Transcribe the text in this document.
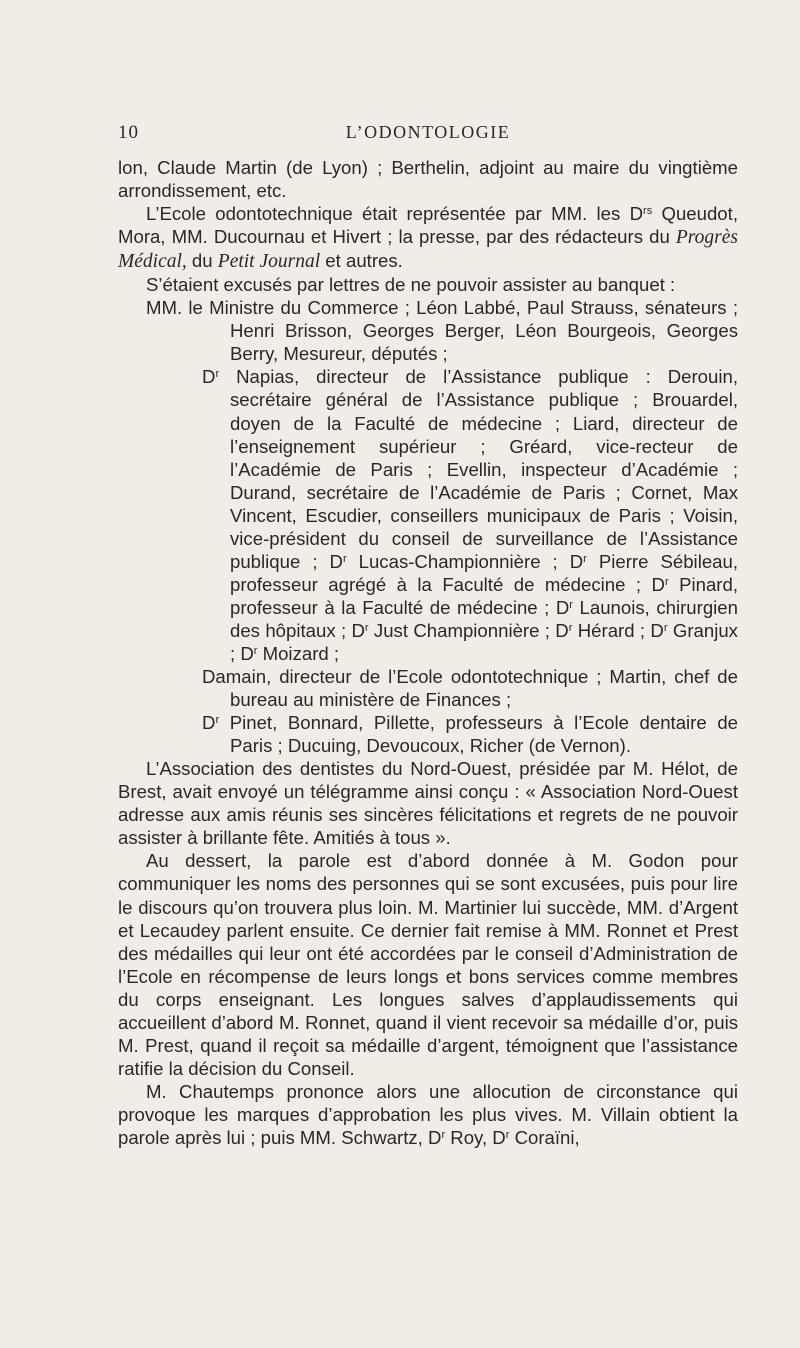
10	L’ODONTOLOGIE

lon, Claude Martin (de Lyon) ; Berthelin, adjoint au maire du vingtième arrondissement, etc.

L’Ecole odontotechnique était représentée par MM. les $D^{rs}$ Queudot, Mora, MM. Ducournau et Hivert ; la presse, par des rédacteurs du Progrès Médical, du Petit Journal et autres.

S’étaient excusés par lettres de ne pouvoir assister au banquet :

MM. le Ministre du Commerce ; Léon Labbé, Paul Strauss, sénateurs ; Henri Brisson, Georges Berger, Léon Bourgeois, Georges Berry, Mesureur, députés ;

$D^r$ Napias, directeur de l’Assistance publique : Derouin, secrétaire général de l’Assistance publique ; Brouardel, doyen de la Faculté de médecine ; Liard, directeur de l’enseignement supérieur ; Gréard, vice-recteur de l’Académie de Paris ; Evellin, inspecteur d’Académie ; Durand, secrétaire de l’Académie de Paris ; Cornet, Max Vincent, Escudier, conseillers municipaux de Paris ; Voisin, vice-président du conseil de surveillance de l’Assistance publique ; $D^r$ Lucas-Championnière ; $D^r$ Pierre Sébileau, professeur agrégé à la Faculté de médecine ; $D^r$ Pinard, professeur à la Faculté de médecine ; $D^r$ Launois, chirurgien des hôpitaux ; $D^r$ Just Championnière ; $D^r$ Hérard ; $D^r$ Granjux ; $D^r$ Moizard ;

Damain, directeur de l’Ecole odontotechnique ; Martin, chef de bureau au ministère de Finances ;

$D^r$ Pinet, Bonnard, Pillette, professeurs à l’Ecole dentaire de Paris ; Ducuing, Devoucoux, Richer (de Vernon).

L’Association des dentistes du Nord-Ouest, présidée par M. Hélot, de Brest, avait envoyé un télégramme ainsi conçu : « Association Nord-Ouest adresse aux amis réunis ses sincères félicitations et regrets de ne pouvoir assister à brillante fête. Amitiés à tous ».

Au dessert, la parole est d’abord donnée à M. Godon pour communiquer les noms des personnes qui se sont excusées, puis pour lire le discours qu’on trouvera plus loin. M. Martinier lui succède, MM. d’Argent et Lecaudey parlent ensuite. Ce dernier fait remise à MM. Ronnet et Prest des médailles qui leur ont été accordées par le conseil d’Administration de l’Ecole en récompense de leurs longs et bons services comme membres du corps enseignant. Les longues salves d’applaudissements qui accueillent d’abord M. Ronnet, quand il vient recevoir sa médaille d’or, puis M. Prest, quand il reçoit sa médaille d’argent, témoignent que l’assistance ratifie la décision du Conseil.

M. Chautemps prononce alors une allocution de circonstance qui provoque les marques d’approbation les plus vives. M. Villain obtient la parole après lui ; puis MM. Schwartz, $D^r$ Roy, $D^r$ Coraïni,
